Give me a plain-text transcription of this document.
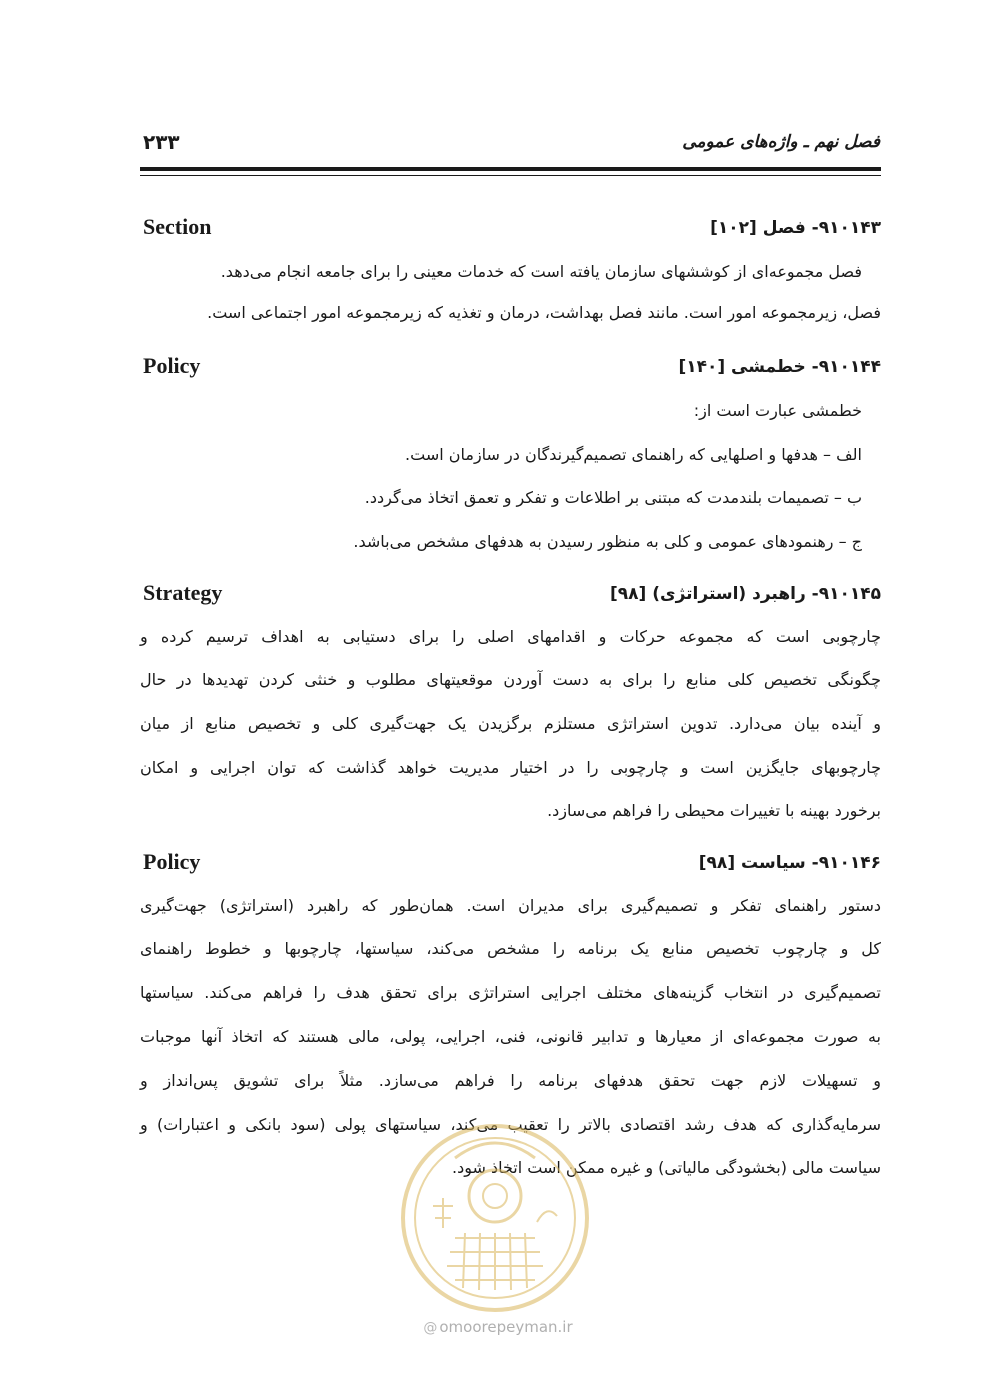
۲۳۳	فصل نهم ـ واژه‌های عمومی
۹۱۰۱۴۳- فصل [۱۰۲]
Section
فصل مجموعه‌ای از کوششهای سازمان یافته است که خدمات معینی را برای جامعه انجام می‌دهد.
فصل، زیرمجموعه امور است. مانند فصل بهداشت، درمان و تغذیه که زیرمجموعه امور اجتماعی است.
۹۱۰۱۴۴- خطمشی [۱۴۰]
Policy
خطمشی عبارت است از:
الف – هدفها و اصلهایی که راهنمای تصمیم‌گیرندگان در سازمان است.
ب – تصمیمات بلندمدت که مبتنی بر اطلاعات و تفکر و تعمق اتخاذ می‌گردد.
ج – رهنمودهای عمومی و کلی به منظور رسیدن به هدفهای مشخص می‌باشد.
۹۱۰۱۴۵- راهبرد (استراتژی) [۹۸]
Strategy
چارچوبی است که مجموعه حرکات و اقدامهای اصلی را برای دستیابی به اهداف ترسیم کرده و
چگونگی تخصیص کلی منابع را برای به دست آوردن موقعیتهای مطلوب و خنثی کردن تهدیدها در حال
و آینده بیان می‌دارد. تدوین استراتژی مستلزم برگزیدن یک جهت‌گیری کلی و تخصیص منابع از میان
چارچوبهای جایگزین است و چارچوبی را در اختیار مدیریت خواهد گذاشت که توان اجرایی و امکان
برخورد بهینه با تغییرات محیطی را فراهم می‌سازد.
۹۱۰۱۴۶- سیاست [۹۸]
Policy
دستور راهنمای تفکر و تصمیم‌گیری برای مدیران است. همان‌طور که راهبرد (استراتژی) جهت‌گیری
کل و چارچوب تخصیص منابع یک برنامه را مشخص می‌کند، سیاستها، چارچوبها و خطوط راهنمای
تصمیم‌گیری در انتخاب گزینه‌های مختلف اجرایی استراتژی برای تحقق هدف را فراهم می‌کند. سیاستها
به صورت مجموعه‌ای از معیارها و تدابیر قانونی، فنی، اجرایی، پولی، مالی هستند که اتخاذ آنها موجبات
و تسهیلات لازم جهت تحقق هدفهای برنامه را فراهم می‌سازد. مثلاً برای تشویق پس‌انداز و
سرمایه‌گذاری که هدف رشد اقتصادی بالاتر را تعقیب می‌کند، سیاستهای پولی (سود بانکی و اعتبارات) و
سیاست مالی (بخشودگی مالیاتی) و غیره ممکن است اتخاذ شود.
@ omoorepeyman.ir
